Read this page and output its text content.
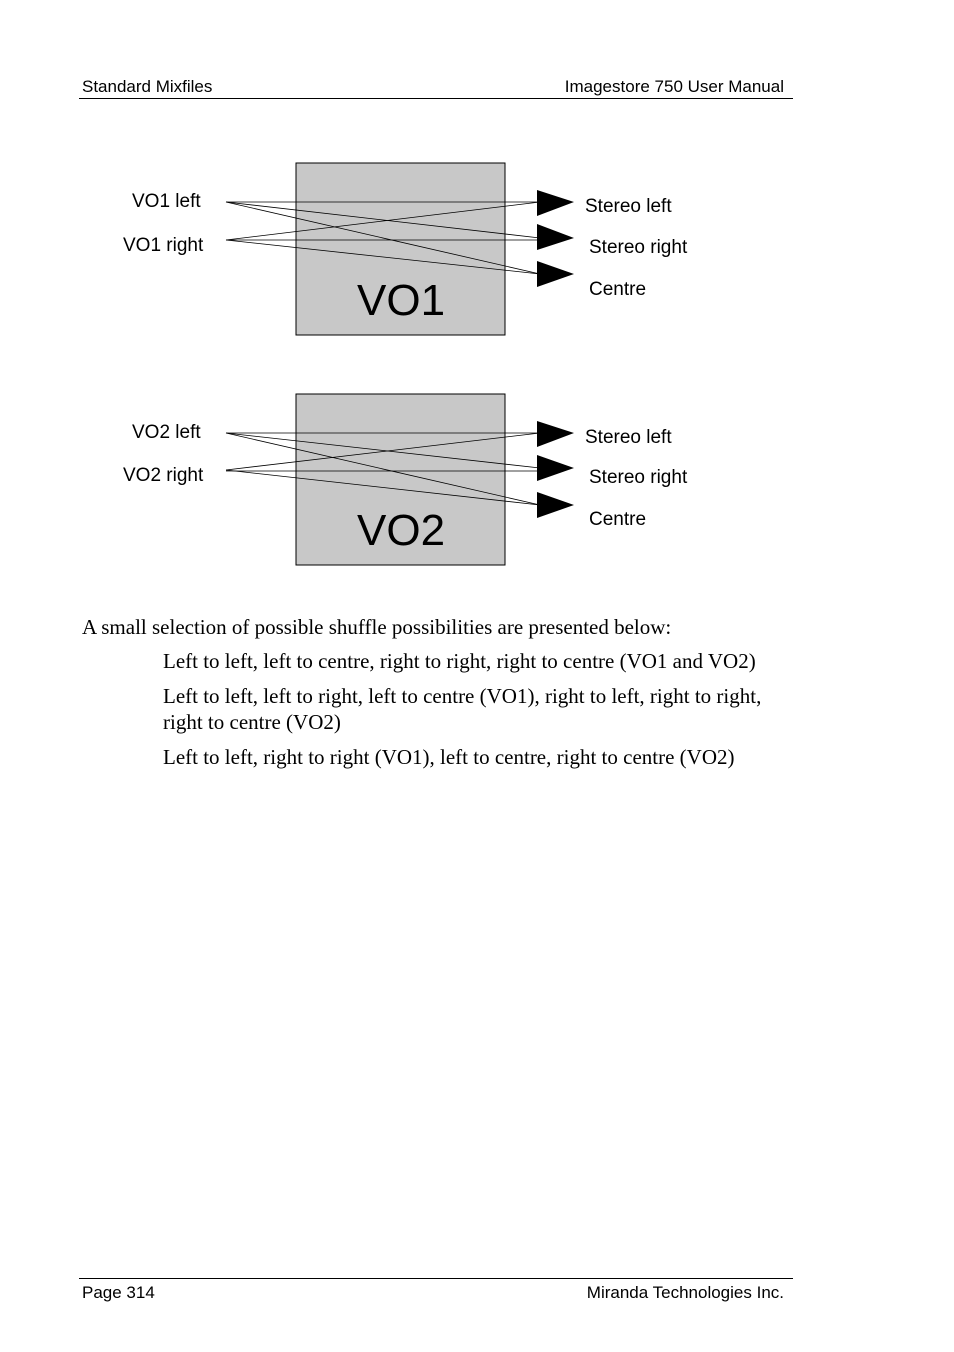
Standard Mixfiles	Imagestore 750 User Manual
VO1
VO1 left
VO1 right
Stereo left
Stereo right
Centre
VO2
VO2 left
VO2 right
Stereo left
Stereo right
Centre
A small selection of possible shuffle possibilities are presented below:
Left to left, left to centre, right to right, right to centre (VO1 and VO2)
Left to left, left to right, left to centre (VO1), right to left, right to right, right to centre (VO2)
Left to left, right to right (VO1), left to centre, right to centre (VO2)
Page 314	Miranda Technologies Inc.
